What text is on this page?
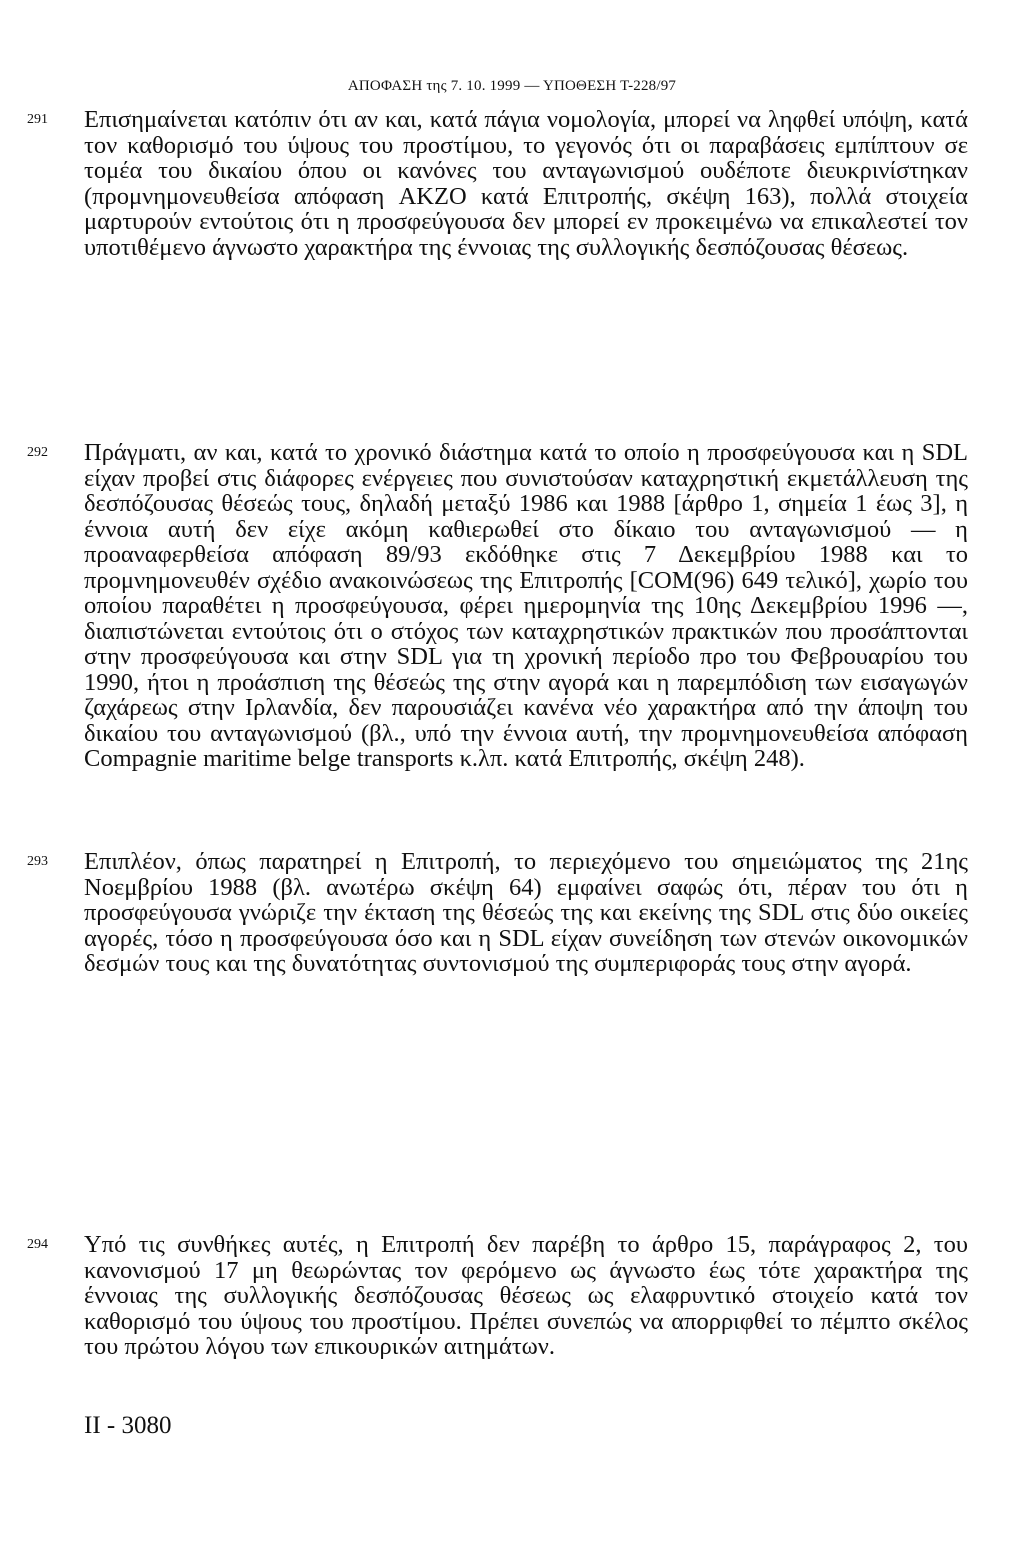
ΑΠΟΦΑΣΗ της 7. 10. 1999 — ΥΠΟΘΕΣΗ Τ-228/97
291 Επισημαίνεται κατόπιν ότι αν και, κατά πάγια νομολογία, μπορεί να ληφθεί υπόψη, κατά τον καθορισμό του ύψους του προστίμου, το γεγονός ότι οι παραβάσεις εμπίπτουν σε τομέα του δικαίου όπου οι κανόνες του ανταγωνισμού ουδέποτε διευκρινίστηκαν (προμνημονευθείσα απόφαση AKZO κατά Επιτροπής, σκέψη 163), πολλά στοιχεία μαρτυρούν εντούτοις ότι η προσφεύγουσα δεν μπορεί εν προκειμένω να επικαλεστεί τον υποτιθέμενο άγνωστο χαρακτήρα της έννοιας της συλλογικής δεσπόζουσας θέσεως.
292 Πράγματι, αν και, κατά το χρονικό διάστημα κατά το οποίο η προσφεύγουσα και η SDL είχαν προβεί στις διάφορες ενέργειες που συνιστούσαν καταχρηστική εκμετάλλευση της δεσπόζουσας θέσεώς τους, δηλαδή μεταξύ 1986 και 1988 [άρθρο 1, σημεία 1 έως 3], η έννοια αυτή δεν είχε ακόμη καθιερωθεί στο δίκαιο του ανταγωνισμού — η προαναφερθείσα απόφαση 89/93 εκδόθηκε στις 7 Δεκεμβρίου 1988 και το προμνημονευθέν σχέδιο ανακοινώσεως της Επιτροπής [COM(96) 649 τελικό], χωρίο του οποίου παραθέτει η προσφεύγουσα, φέρει ημερομηνία της 10ης Δεκεμβρίου 1996 —, διαπιστώνεται εντούτοις ότι ο στόχος των καταχρηστικών πρακτικών που προσάπτονται στην προσφεύγουσα και στην SDL για τη χρονική περίοδο προ του Φεβρουαρίου του 1990, ήτοι η προάσπιση της θέσεώς της στην αγορά και η παρεμπόδιση των εισαγωγών ζαχάρεως στην Ιρλανδία, δεν παρουσιάζει κανένα νέο χαρακτήρα από την άποψη του δικαίου του ανταγωνισμού (βλ., υπό την έννοια αυτή, την προμνημονευθείσα απόφαση Compagnie maritime belge transports κ.λπ. κατά Επιτροπής, σκέψη 248).
293 Επιπλέον, όπως παρατηρεί η Επιτροπή, το περιεχόμενο του σημειώματος της 21ης Νοεμβρίου 1988 (βλ. ανωτέρω σκέψη 64) εμφαίνει σαφώς ότι, πέραν του ότι η προσφεύγουσα γνώριζε την έκταση της θέσεώς της και εκείνης της SDL στις δύο οικείες αγορές, τόσο η προσφεύγουσα όσο και η SDL είχαν συνείδηση των στενών οικονομικών δεσμών τους και της δυνατότητας συντονισμού της συμπεριφοράς τους στην αγορά.
294 Υπό τις συνθήκες αυτές, η Επιτροπή δεν παρέβη το άρθρο 15, παράγραφος 2, του κανονισμού 17 μη θεωρώντας τον φερόμενο ως άγνωστο έως τότε χαρακτήρα της έννοιας της συλλογικής δεσπόζουσας θέσεως ως ελαφρυντικό στοιχείο κατά τον καθορισμό του ύψους του προστίμου. Πρέπει συνεπώς να απορριφθεί το πέμπτο σκέλος του πρώτου λόγου των επικουρικών αιτημάτων.
II - 3080
